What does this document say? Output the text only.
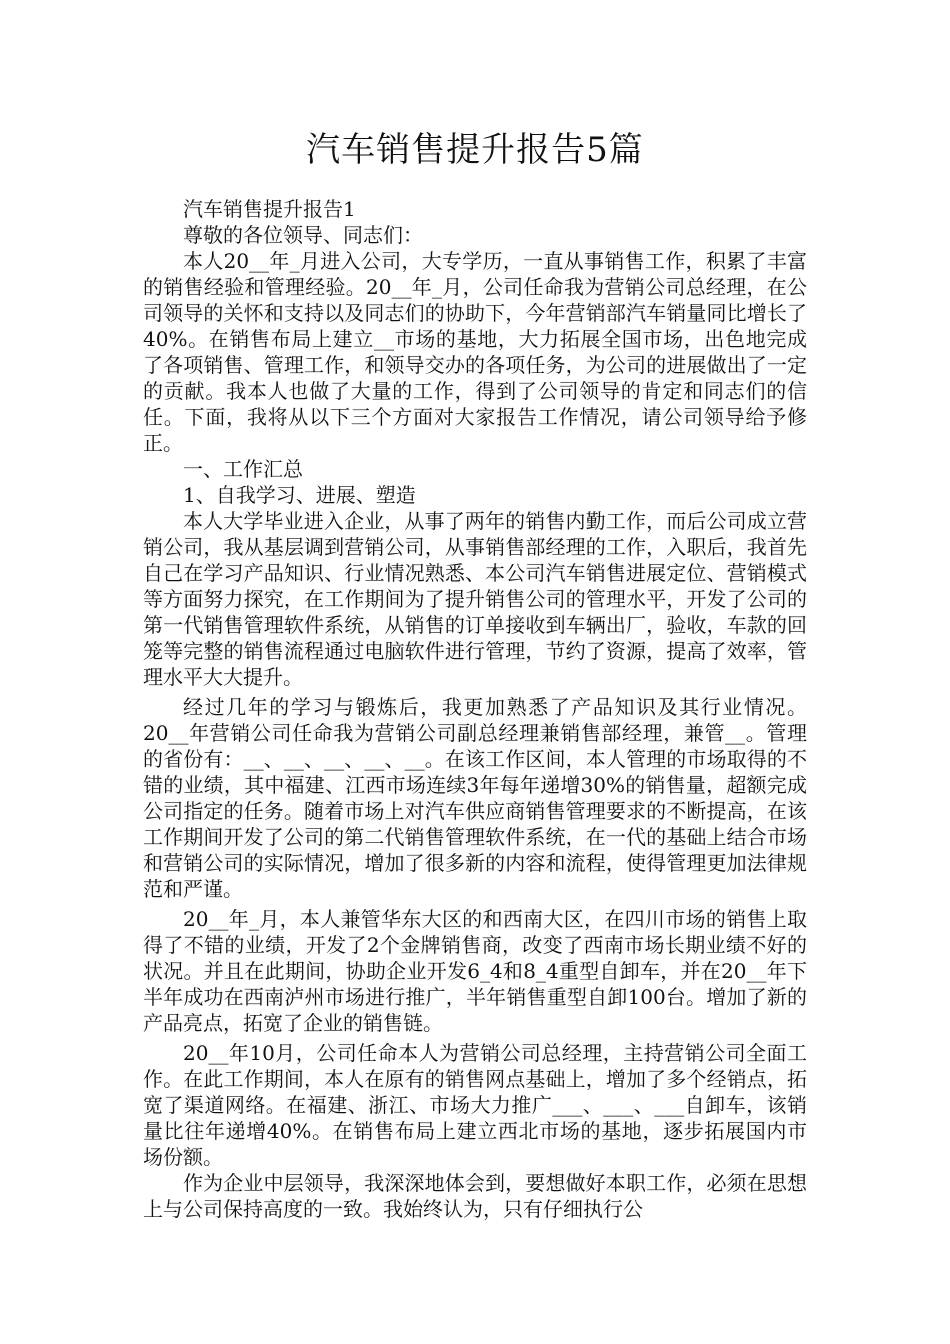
汽车销售提升报告5篇

汽车销售提升报告1

尊敬的各位领导、同志们：

本人20__年_月进入公司，大专学历，一直从事销售工作，积累了丰富的销售经验和管理经验。20__年_月，公司任命我为营销公司总经理，在公司领导的关怀和支持以及同志们的协助下，今年营销部汽车销量同比增长了40%。在销售布局上建立__市场的基地，大力拓展全国市场，出色地完成了各项销售、管理工作，和领导交办的各项任务，为公司的进展做出了一定的贡献。我本人也做了大量的工作，得到了公司领导的肯定和同志们的信任。下面，我将从以下三个方面对大家报告工作情况，请公司领导给予修正。

一、工作汇总

1、自我学习、进展、塑造

本人大学毕业进入企业，从事了两年的销售内勤工作，而后公司成立营销公司，我从基层调到营销公司，从事销售部经理的工作，入职后，我首先自己在学习产品知识、行业情况熟悉、本公司汽车销售进展定位、营销模式等方面努力探究，在工作期间为了提升销售公司的管理水平，开发了公司的第一代销售管理软件系统，从销售的订单接收到车辆出厂，验收，车款的回笼等完整的销售流程通过电脑软件进行管理，节约了资源，提高了效率，管理水平大大提升。

经过几年的学习与锻炼后，我更加熟悉了产品知识及其行业情况。20__年营销公司任命我为营销公司副总经理兼销售部经理，兼管__。管理的省份有：__、__、__、__、__。在该工作区间，本人管理的市场取得的不错的业绩，其中福建、江西市场连续3年每年递增30%的销售量，超额完成公司指定的任务。随着市场上对汽车供应商销售管理要求的不断提高，在该工作期间开发了公司的第二代销售管理软件系统，在一代的基础上结合市场和营销公司的实际情况，增加了很多新的内容和流程，使得管理更加法律规范和严谨。

20__年_月，本人兼管华东大区的和西南大区，在四川市场的销售上取得了不错的业绩，开发了2个金牌销售商，改变了西南市场长期业绩不好的状况。并且在此期间，协助企业开发6_4和8_4重型自卸车，并在20__年下半年成功在西南泸州市场进行推广，半年销售重型自卸100台。增加了新的产品亮点，拓宽了企业的销售链。

20__年10月，公司任命本人为营销公司总经理，主持营销公司全面工作。在此工作期间，本人在原有的销售网点基础上，增加了多个经销点，拓宽了渠道网络。在福建、浙江、市场大力推广___、___、___自卸车，该销量比往年递增40%。在销售布局上建立西北市场的基地，逐步拓展国内市场份额。

作为企业中层领导，我深深地体会到，要想做好本职工作，必须在思想上与公司保持高度的一致。我始终认为，只有仔细执行公
